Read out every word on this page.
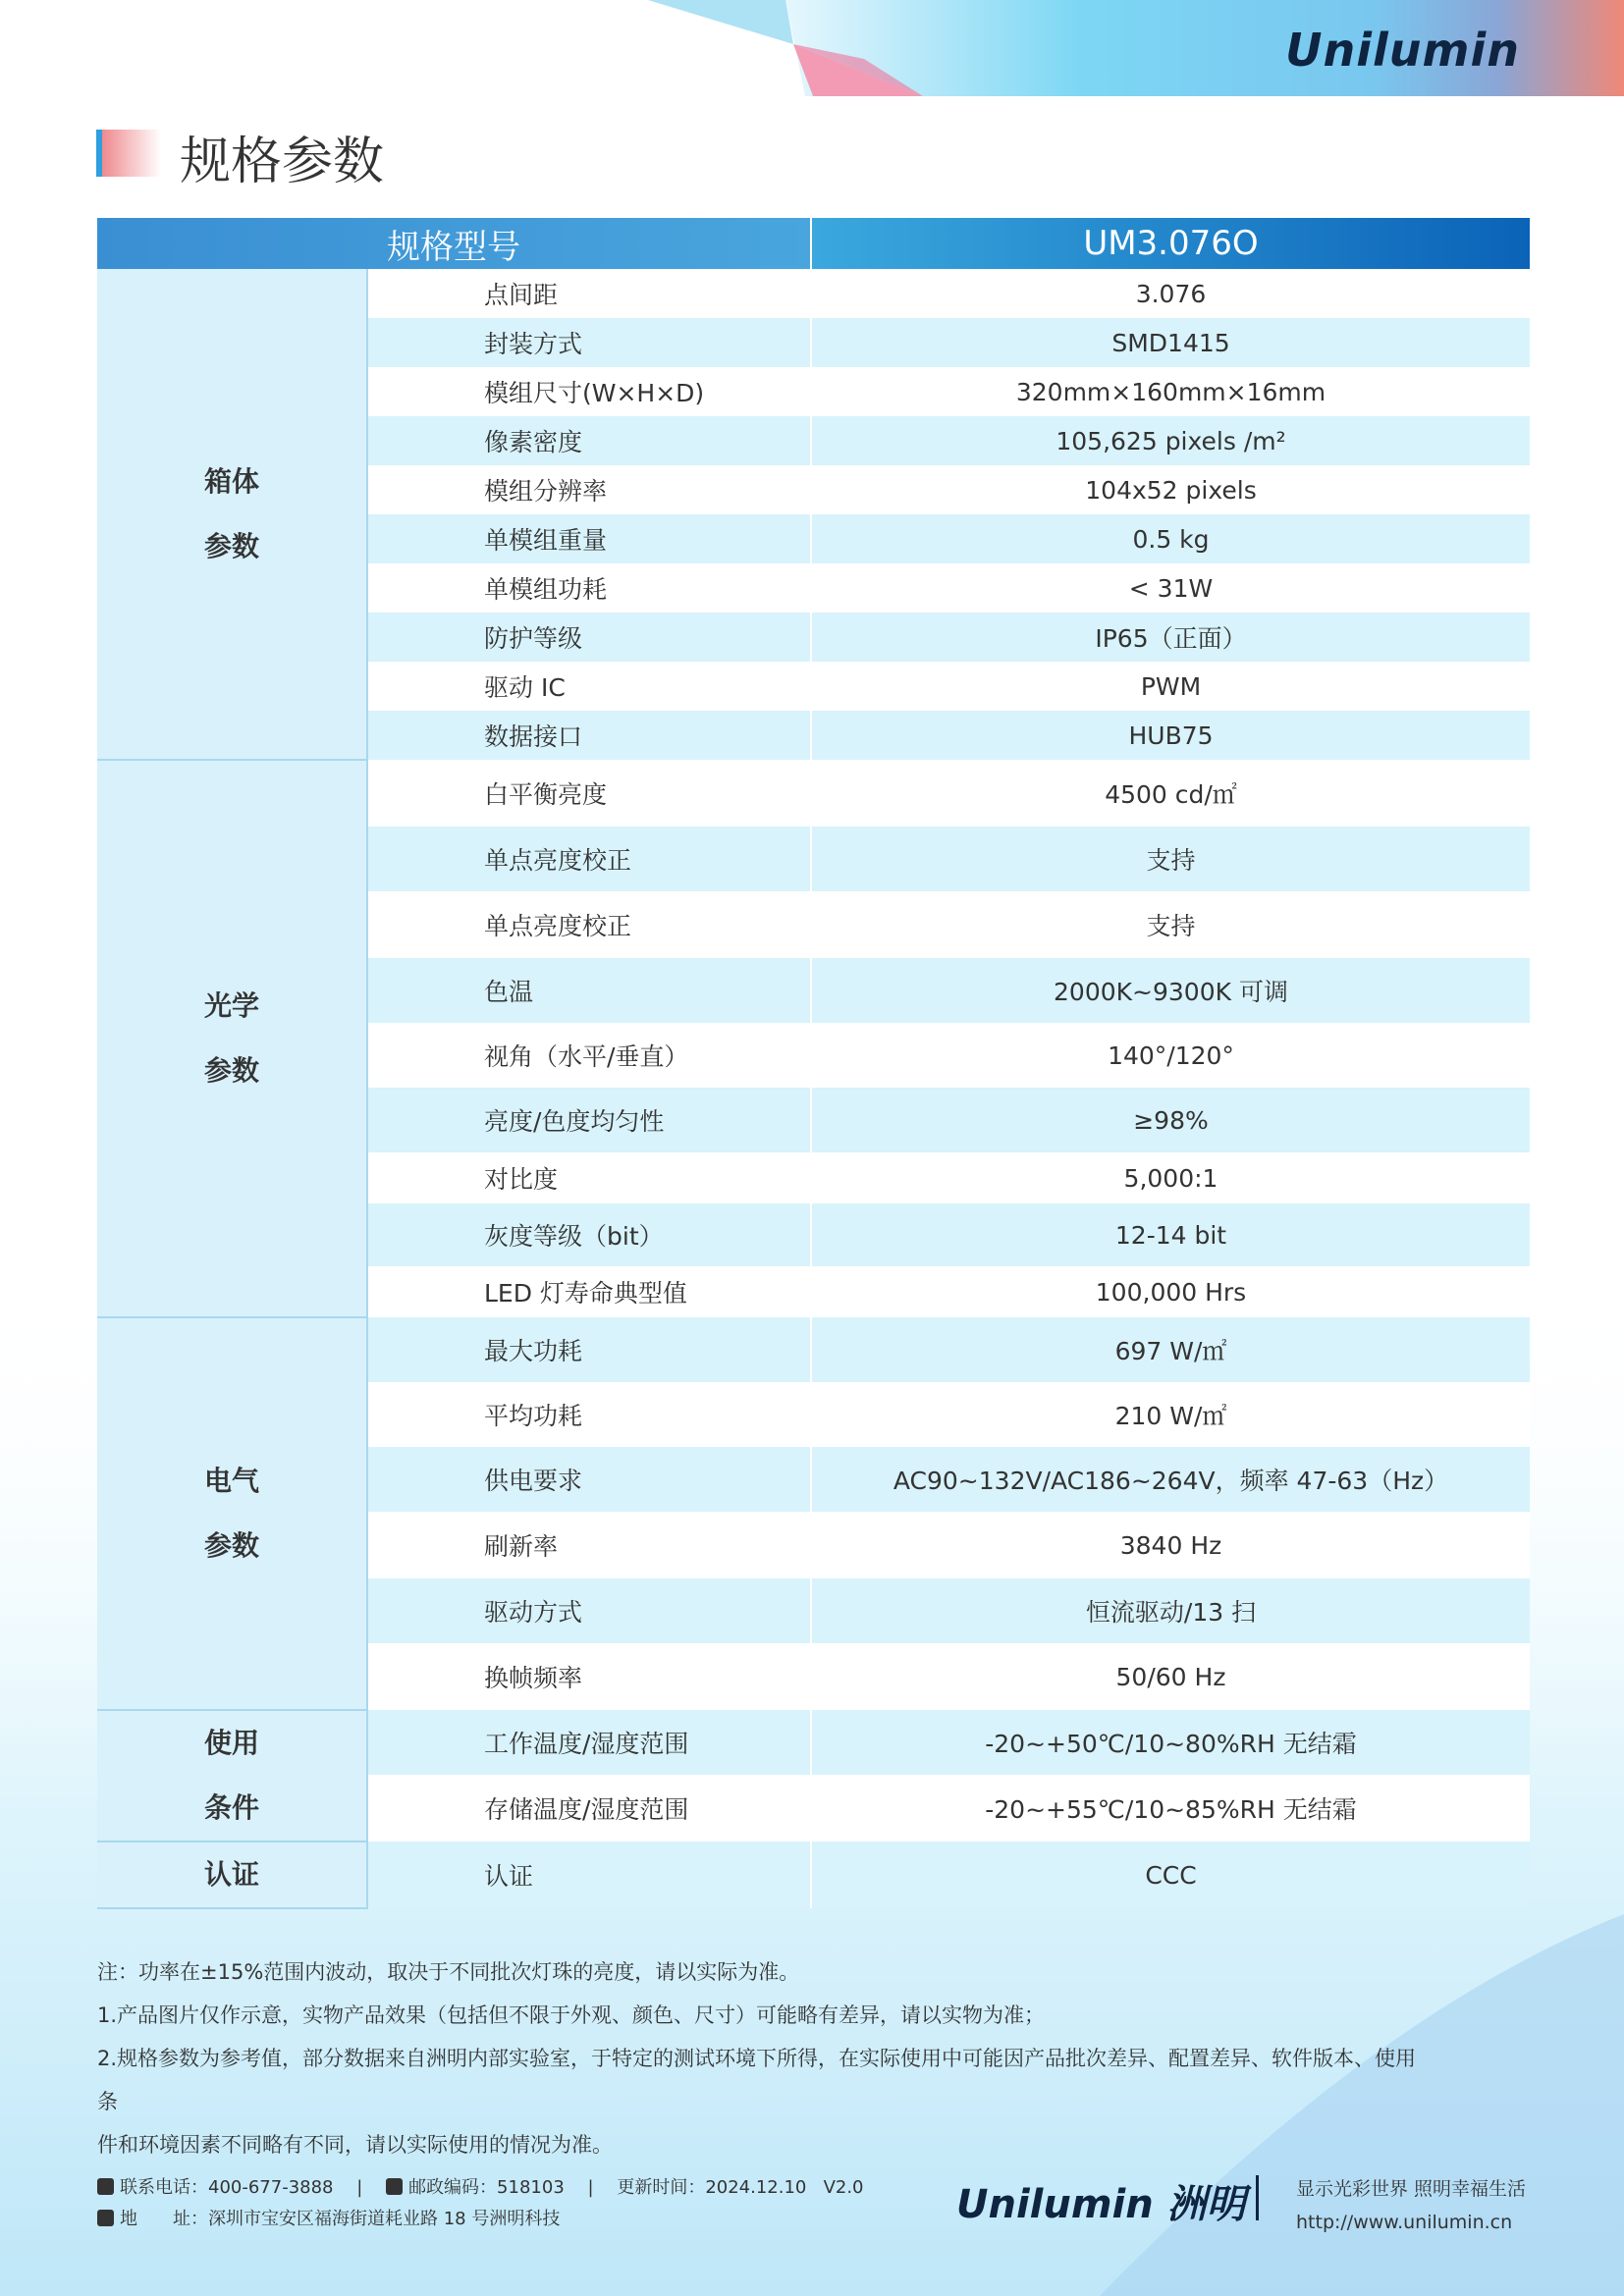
Unilumin
规格参数
规格型号		UM3.076O

箱体
参数	点间距	3.076
	封装方式	SMD1415
	模组尺寸(W×H×D)	320mm×160mm×16mm
	像素密度	105,625 pixels /m²
	模组分辨率	104x52 pixels
	单模组重量	0.5 kg
	单模组功耗	< 31W
	防护等级	IP65（正面）
	驱动 IC	PWM
	数据接口	HUB75

光学
参数	白平衡亮度	4500 cd/㎡
	单点亮度校正	支持
	单点亮度校正	支持
	色温	2000K~9300K 可调
	视角（水平/垂直）	140°/120°
	亮度/色度均匀性	≥98%
	对比度	5,000:1
	灰度等级（bit）	12-14 bit
	LED 灯寿命典型值	100,000 Hrs

电气
参数	最大功耗	697 W/㎡
	平均功耗	210 W/㎡
	供电要求	AC90~132V/AC186~264V，频率 47-63（Hz）
	刷新率	3840 Hz
	驱动方式	恒流驱动/13 扫
	换帧频率	50/60 Hz

使用
条件	工作温度/湿度范围	-20~+50℃/10~80%RH 无结霜
	存储温度/湿度范围	-20~+55℃/10~85%RH 无结霜

认证	认证	CCC

注：功率在±15%范围内波动，取决于不同批次灯珠的亮度，请以实际为准。

1.产品图片仅作示意，实物产品效果（包括但不限于外观、颜色、尺寸）可能略有差异，请以实物为准；

2.规格参数为参考值，部分数据来自洲明内部实验室，于特定的测试环境下所得，在实际使用中可能因产品批次差异、配置差异、软件版本、使用条

件和环境因素不同略有不同，请以实际使用的情况为准。

联系电话：400-677-3888 |	邮政编码：518103 | 更新时间：2024.12.10 V2.0
地　　址：深圳市宝安区福海街道耗业路 18 号洲明科技	Unilumin 洲明	显示光彩世界 照明幸福生活
http://www.unilumin.cn
